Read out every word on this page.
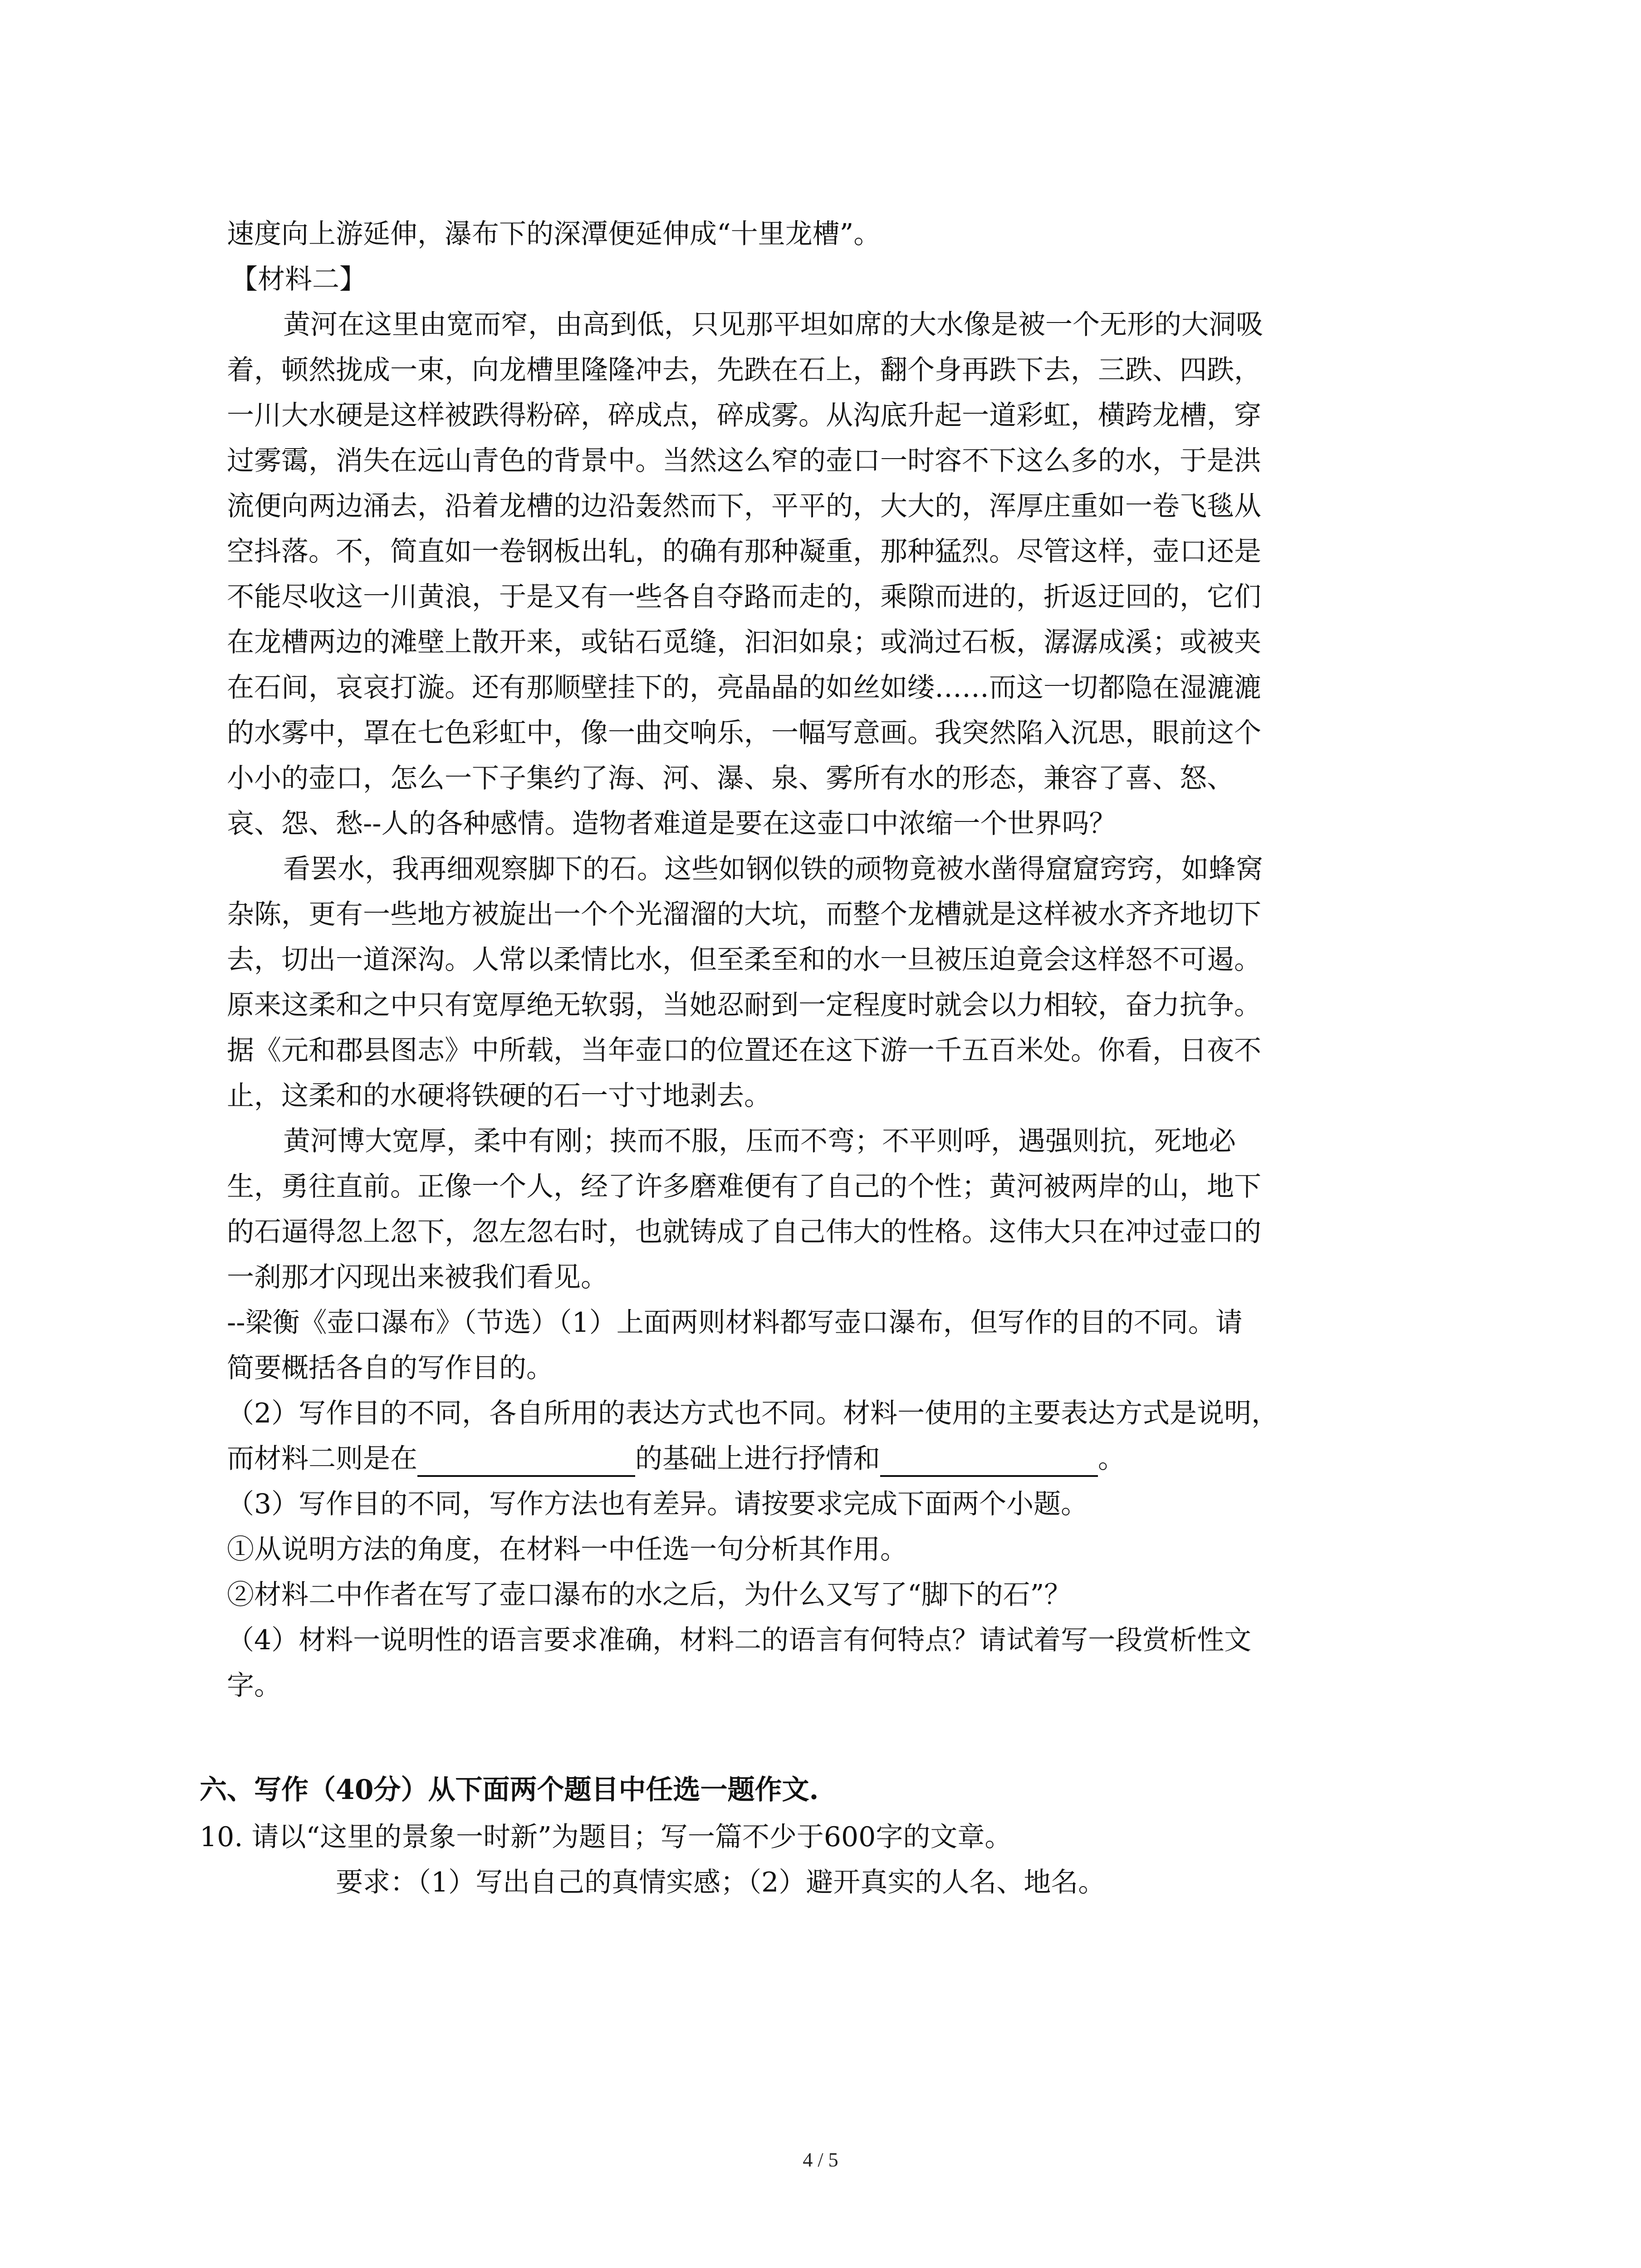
速度向上游延伸，瀑布下的深潭便延伸成“十里龙槽”。

【材料二】

黄河在这里由宽而窄，由高到低，只见那平坦如席的大水像是被一个无形的大洞吸

着，顿然拢成一束，向龙槽里隆隆冲去，先跌在石上，翻个身再跌下去，三跌、四跌，

一川大水硬是这样被跌得粉碎，碎成点，碎成雾。从沟底升起一道彩虹，横跨龙槽，穿

过雾霭，消失在远山青色的背景中。当然这么窄的壶口一时容不下这么多的水，于是洪

流便向两边涌去，沿着龙槽的边沿轰然而下，平平的，大大的，浑厚庄重如一卷飞毯从

空抖落。不，简直如一卷钢板出轧，的确有那种凝重，那种猛烈。尽管这样，壶口还是

不能尽收这一川黄浪，于是又有一些各自夺路而走的，乘隙而进的，折返迂回的，它们

在龙槽两边的滩壁上散开来，或钻石觅缝，汩汩如泉；或淌过石板，潺潺成溪；或被夹

在石间，哀哀打漩。还有那顺壁挂下的，亮晶晶的如丝如缕……而这一切都隐在湿漉漉

的水雾中，罩在七色彩虹中，像一曲交响乐，一幅写意画。我突然陷入沉思，眼前这个

小小的壶口，怎么一下子集约了海、河、瀑、泉、雾所有水的形态，兼容了喜、怒、

哀、怨、愁--人的各种感情。造物者难道是要在这壶口中浓缩一个世界吗？

看罢水，我再细观察脚下的石。这些如钢似铁的顽物竟被水凿得窟窟窍窍，如蜂窝

杂陈，更有一些地方被旋出一个个光溜溜的大坑，而整个龙槽就是这样被水齐齐地切下

去，切出一道深沟。人常以柔情比水，但至柔至和的水一旦被压迫竟会这样怒不可遏。

原来这柔和之中只有宽厚绝无软弱，当她忍耐到一定程度时就会以力相较，奋力抗争。

据《元和郡县图志》中所载，当年壶口的位置还在这下游一千五百米处。你看，日夜不

止，这柔和的水硬将铁硬的石一寸寸地剥去。

黄河博大宽厚，柔中有刚；挟而不服，压而不弯；不平则呼，遇强则抗，死地必

生，勇往直前。正像一个人，经了许多磨难便有了自己的个性；黄河被两岸的山，地下

的石逼得忽上忽下，忽左忽右时，也就铸成了自己伟大的性格。这伟大只在冲过壶口的

一刹那才闪现出来被我们看见。

--梁衡《壶口瀑布》（节选）（1）上面两则材料都写壶口瀑布，但写作的目的不同。请

简要概括各自的写作目的。

（2）写作目的不同，各自所用的表达方式也不同。材料一使用的主要表达方式是说明，

而材料二则是在	的基础上进行抒情和	。

（3）写作目的不同，写作方法也有差异。请按要求完成下面两个小题。

①从说明方法的角度，在材料一中任选一句分析其作用。

②材料二中作者在写了壶口瀑布的水之后，为什么又写了“脚下的石”？

（4）材料一说明性的语言要求准确，材料二的语言有何特点？请试着写一段赏析性文

字。

六、写作（40分）从下面两个题目中任选一题作文.

10. 请以“这里的景象一时新”为题目；写一篇不少于600字的文章。

要求：（1）写出自己的真情实感；（2）避开真实的人名、地名。

4 / 5
